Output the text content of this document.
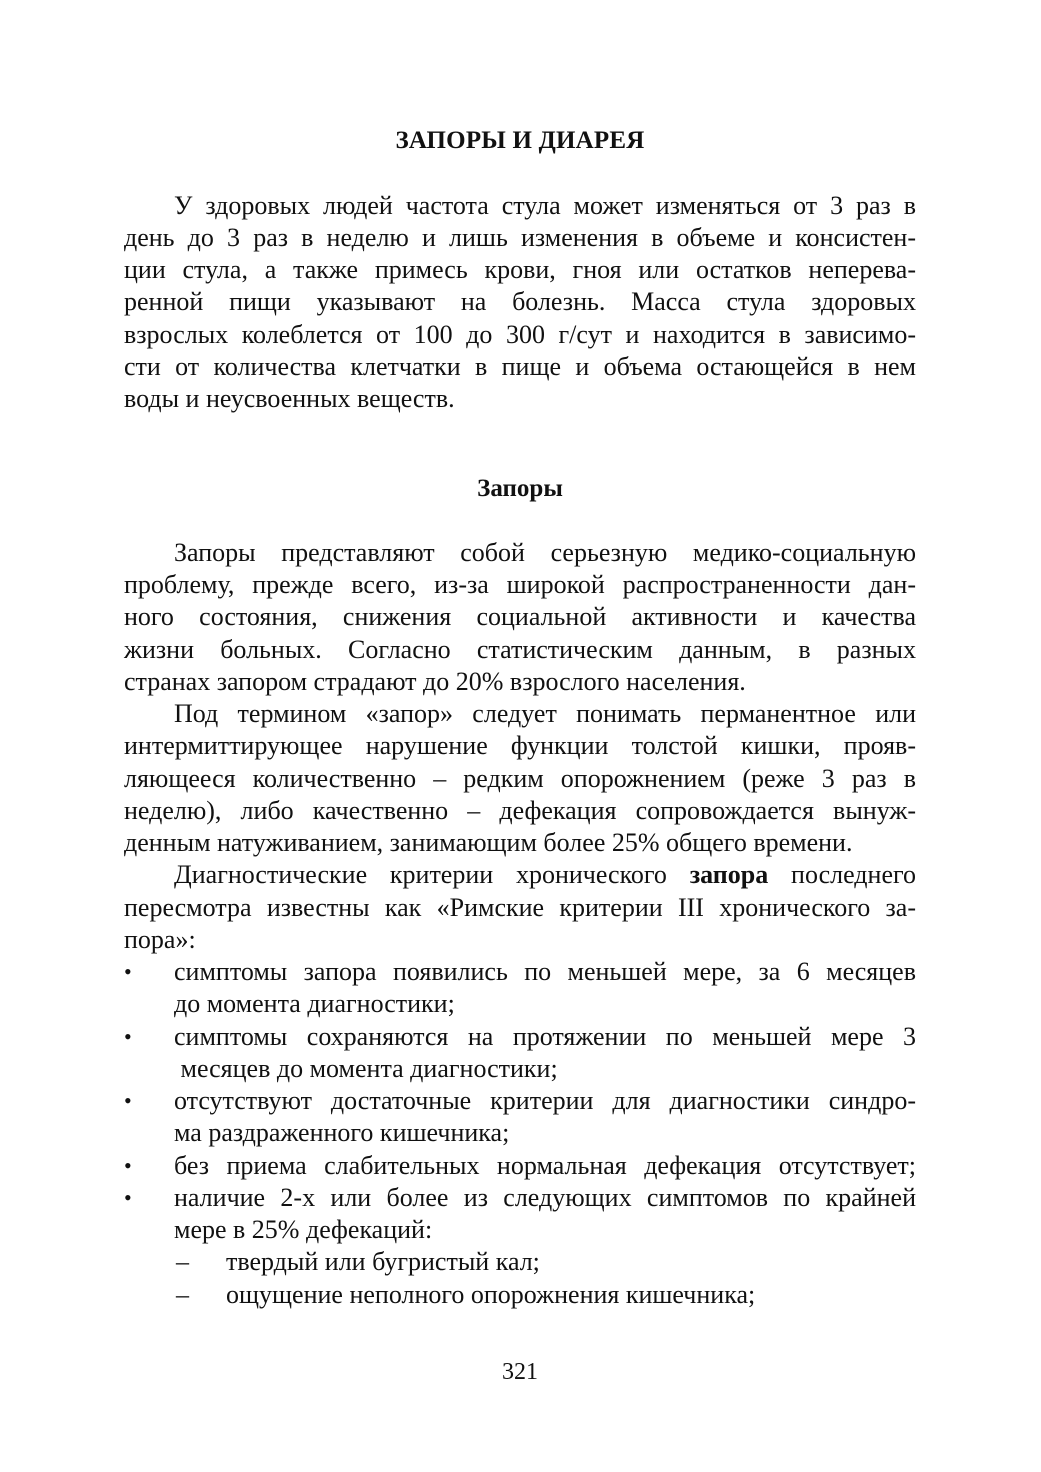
ЗАПОРЫ И ДИАРЕЯ
У здоровых людей частота стула может изменяться от 3 раз в
день до 3 раз в неделю и лишь изменения в объеме и консистен-
ции стула, а также примесь крови, гноя или остатков неперева-
ренной пищи указывают на болезнь. Масса стула здоровых
взрослых колеблется от 100 до 300 г/сут и находится в зависимо-
сти от количества клетчатки в пище и объема остающейся в нем
воды и неусвоенных веществ.
Запоры
Запоры представляют собой серьезную медико-социальную
проблему, прежде всего, из-за широкой распространенности дан-
ного состояния, снижения социальной активности и качества
жизни больных. Согласно статистическим данным, в разных
странах запором страдают до 20% взрослого населения.
Под термином «запор» следует понимать перманентное или
интермиттирующее нарушение функции толстой кишки, прояв-
ляющееся количественно – редким опорожнением (реже 3 раз в
неделю), либо качественно – дефекация сопровождается вынуж-
денным натуживанием, занимающим более 25% общего времени.
Диагностические критерии хронического запора последнего
пересмотра известны как «Римские критерии III хронического за-
пора»:
• симптомы запора появились по меньшей мере, за 6 месяцев
до момента диагностики;
• симптомы сохраняются на протяжении по меньшей мере 3
месяцев до момента диагностики;
• отсутствуют достаточные критерии для диагностики синдро-
ма раздраженного кишечника;
• без приема слабительных нормальная дефекация отсутствует;
• наличие 2-х или более из следующих симптомов по крайней
мере в 25% дефекаций:
– твердый или бугристый кал;
– ощущение неполного опорожнения кишечника;
321
